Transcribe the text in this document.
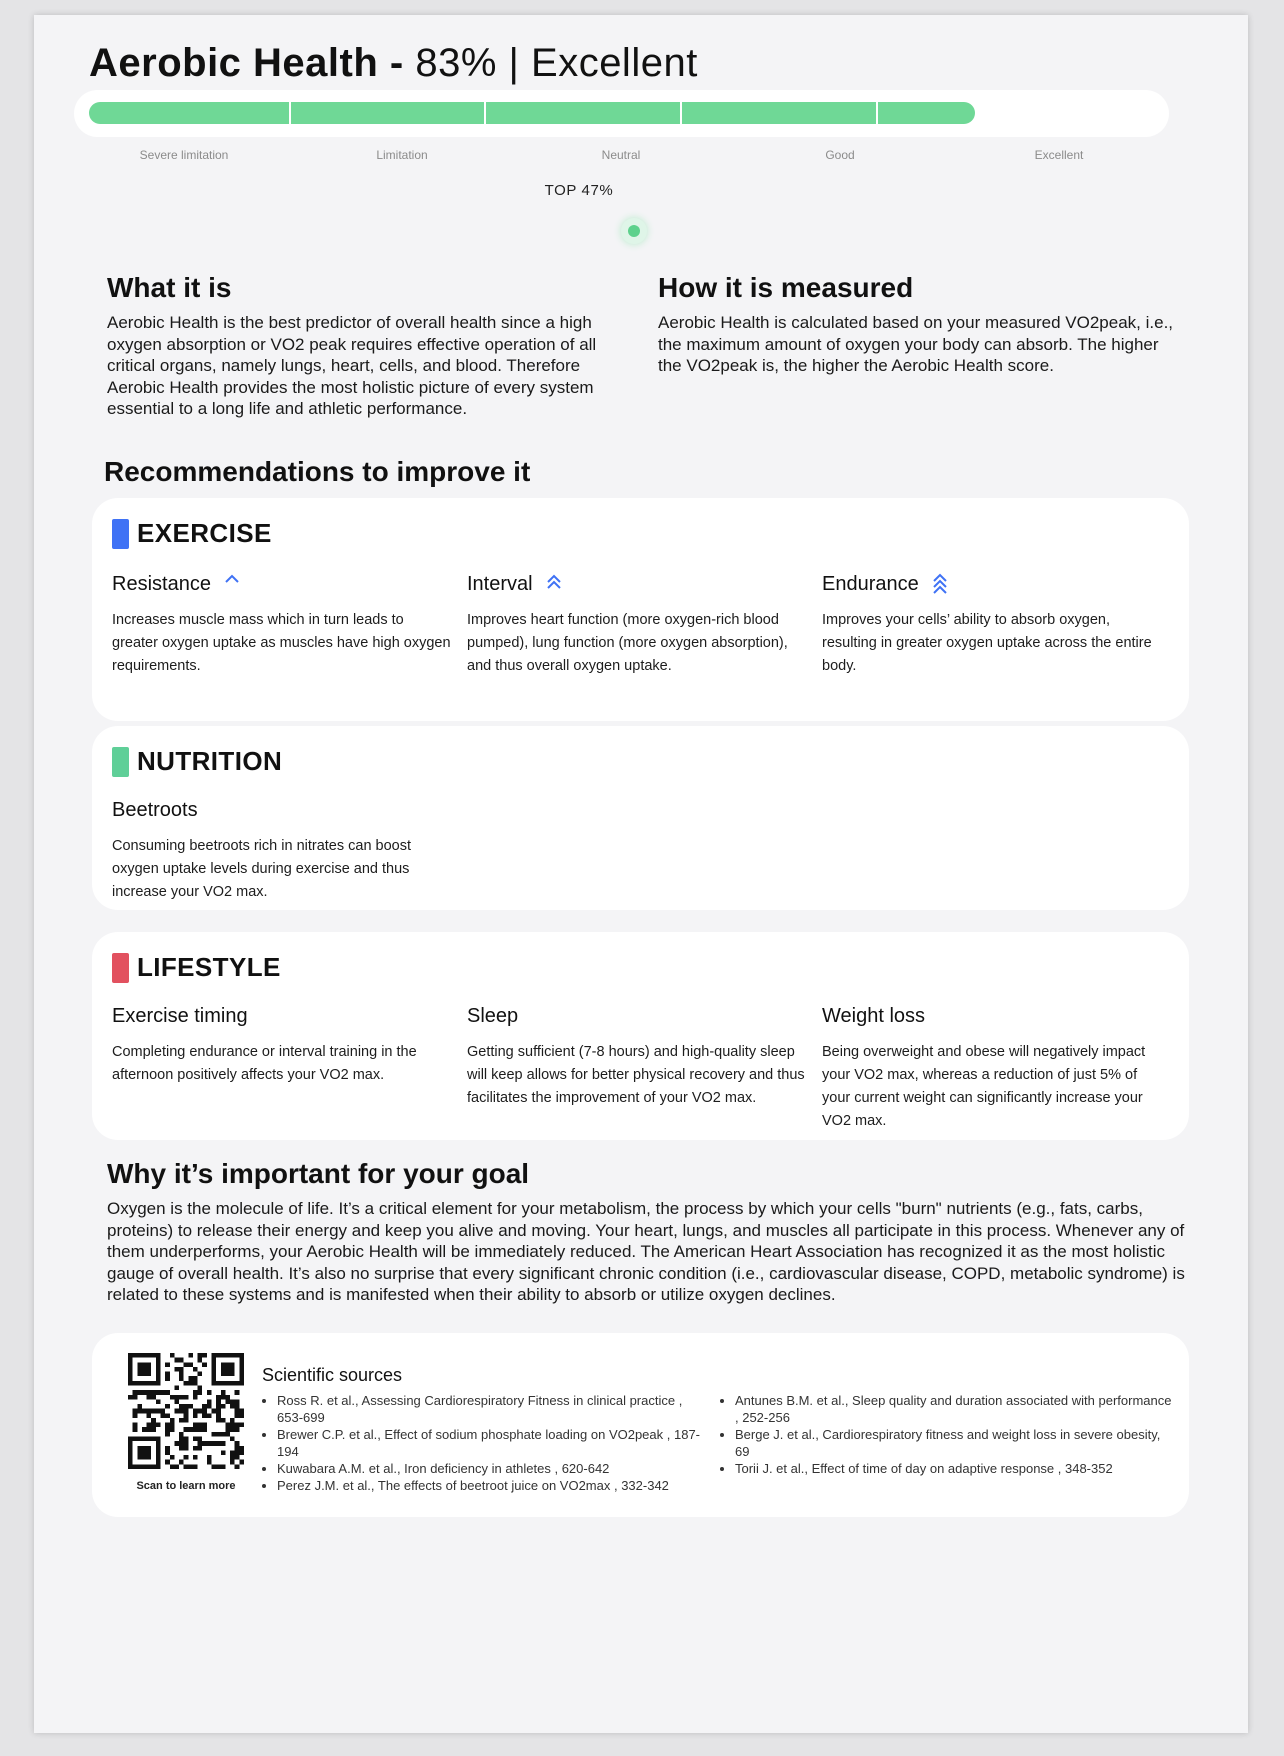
Aerobic Health - 83% | Excellent
Severe limitation	Limitation	Neutral	Good	Excellent
TOP 47%
What it is

Aerobic Health is the best predictor of overall health since a high oxygen absorption or VO2 peak requires effective operation of all critical organs, namely lungs, heart, cells, and blood. Therefore Aerobic Health provides the most holistic picture of every system essential to a long life and athletic performance.

How it is measured

Aerobic Health is calculated based on your measured VO2peak, i.e., the maximum amount of oxygen your body can absorb. The higher the VO2peak is, the higher the Aerobic Health score.

Recommendations to improve it
EXERCISE
Resistance
Increases muscle mass which in turn leads to greater oxygen uptake as muscles have high oxygen requirements.
Interval
Improves heart function (more oxygen-rich blood pumped), lung function (more oxygen absorption), and thus overall oxygen uptake.
Endurance
Improves your cells’ ability to absorb oxygen, resulting in greater oxygen uptake across the entire body.
NUTRITION
Beetroots
Consuming beetroots rich in nitrates can boost oxygen uptake levels during exercise and thus increase your VO2 max.
LIFESTYLE
Exercise timing
Completing endurance or interval training in the afternoon positively affects your VO2 max.
Sleep
Getting sufficient (7-8 hours) and high-quality sleep will keep allows for better physical recovery and thus facilitates the improvement of your VO2 max.
Weight loss
Being overweight and obese will negatively impact your VO2 max, whereas a reduction of just 5% of your current weight can significantly increase your VO2 max.
Why it’s important for your goal

Oxygen is the molecule of life. It’s a critical element for your metabolism, the process by which your cells "burn" nutrients (e.g., fats, carbs, proteins) to release their energy and keep you alive and moving. Your heart, lungs, and muscles all participate in this process. Whenever any of them underperforms, your Aerobic Health will be immediately reduced. The American Heart Association has recognized it as the most holistic gauge of overall health. It’s also no surprise that every significant chronic condition (i.e., cardiovascular disease, COPD, metabolic syndrome) is related to these systems and is manifested when their ability to absorb or utilize oxygen declines.

Scan to learn more
Scientific sources
• Ross R. et al., Assessing Cardiorespiratory Fitness in clinical practice , 653-699
• Brewer C.P. et al., Effect of sodium phosphate loading on VO2peak , 187-194
• Kuwabara A.M. et al., Iron deficiency in athletes , 620-642
• Perez J.M. et al., The effects of beetroot juice on VO2max , 332-342
• Antunes B.M. et al., Sleep quality and duration associated with performance , 252-256
• Berge J. et al., Cardiorespiratory fitness and weight loss in severe obesity, 69
• Torii J. et al., Effect of time of day on adaptive response , 348-352
